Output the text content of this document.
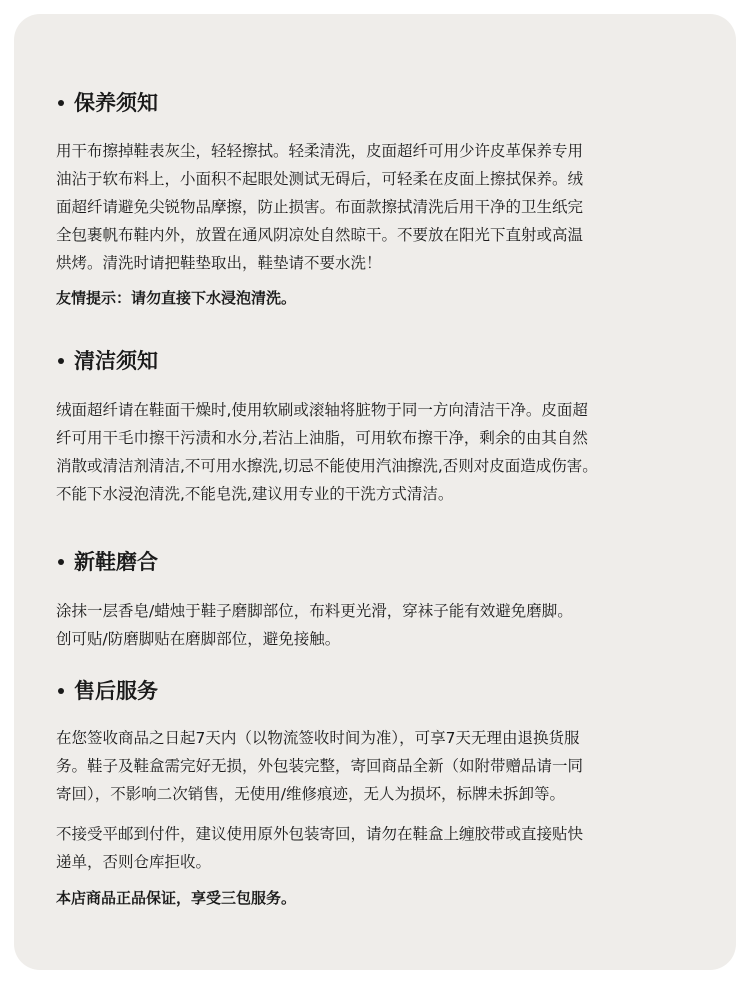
保养须知

用干布擦掉鞋表灰尘，轻轻擦拭。轻柔清洗，皮面超纤可用少许皮革保养专用
油沾于软布料上，小面积不起眼处测试无碍后，可轻柔在皮面上擦拭保养。绒
面超纤请避免尖锐物品摩擦，防止损害。布面款擦拭清洗后用干净的卫生纸完
全包裹帆布鞋内外，放置在通风阴凉处自然晾干。不要放在阳光下直射或高温
烘烤。清洗时请把鞋垫取出，鞋垫请不要水洗！

友情提示：请勿直接下水浸泡清洗。

清洁须知

绒面超纤请在鞋面干燥时,使用软刷或滚轴将脏物于同一方向清洁干净。皮面超
纤可用干毛巾擦干污渍和水分,若沾上油脂，可用软布擦干净，剩余的由其自然
消散或清洁剂清洁,不可用水擦洗,切忌不能使用汽油擦洗,否则对皮面造成伤害。
不能下水浸泡清洗,不能皂洗,建议用专业的干洗方式清洁。

新鞋磨合

涂抹一层香皂/蜡烛于鞋子磨脚部位，布料更光滑，穿袜子能有效避免磨脚。
创可贴/防磨脚贴在磨脚部位，避免接触。

售后服务

在您签收商品之日起7天内（以物流签收时间为准），可享7天无理由退换货服
务。鞋子及鞋盒需完好无损，外包装完整，寄回商品全新（如附带赠品请一同
寄回），不影响二次销售，无使用/维修痕迹，无人为损坏，标牌未拆卸等。

不接受平邮到付件，建议使用原外包装寄回，请勿在鞋盒上缠胶带或直接贴快
递单，否则仓库拒收。

本店商品正品保证，享受三包服务。
